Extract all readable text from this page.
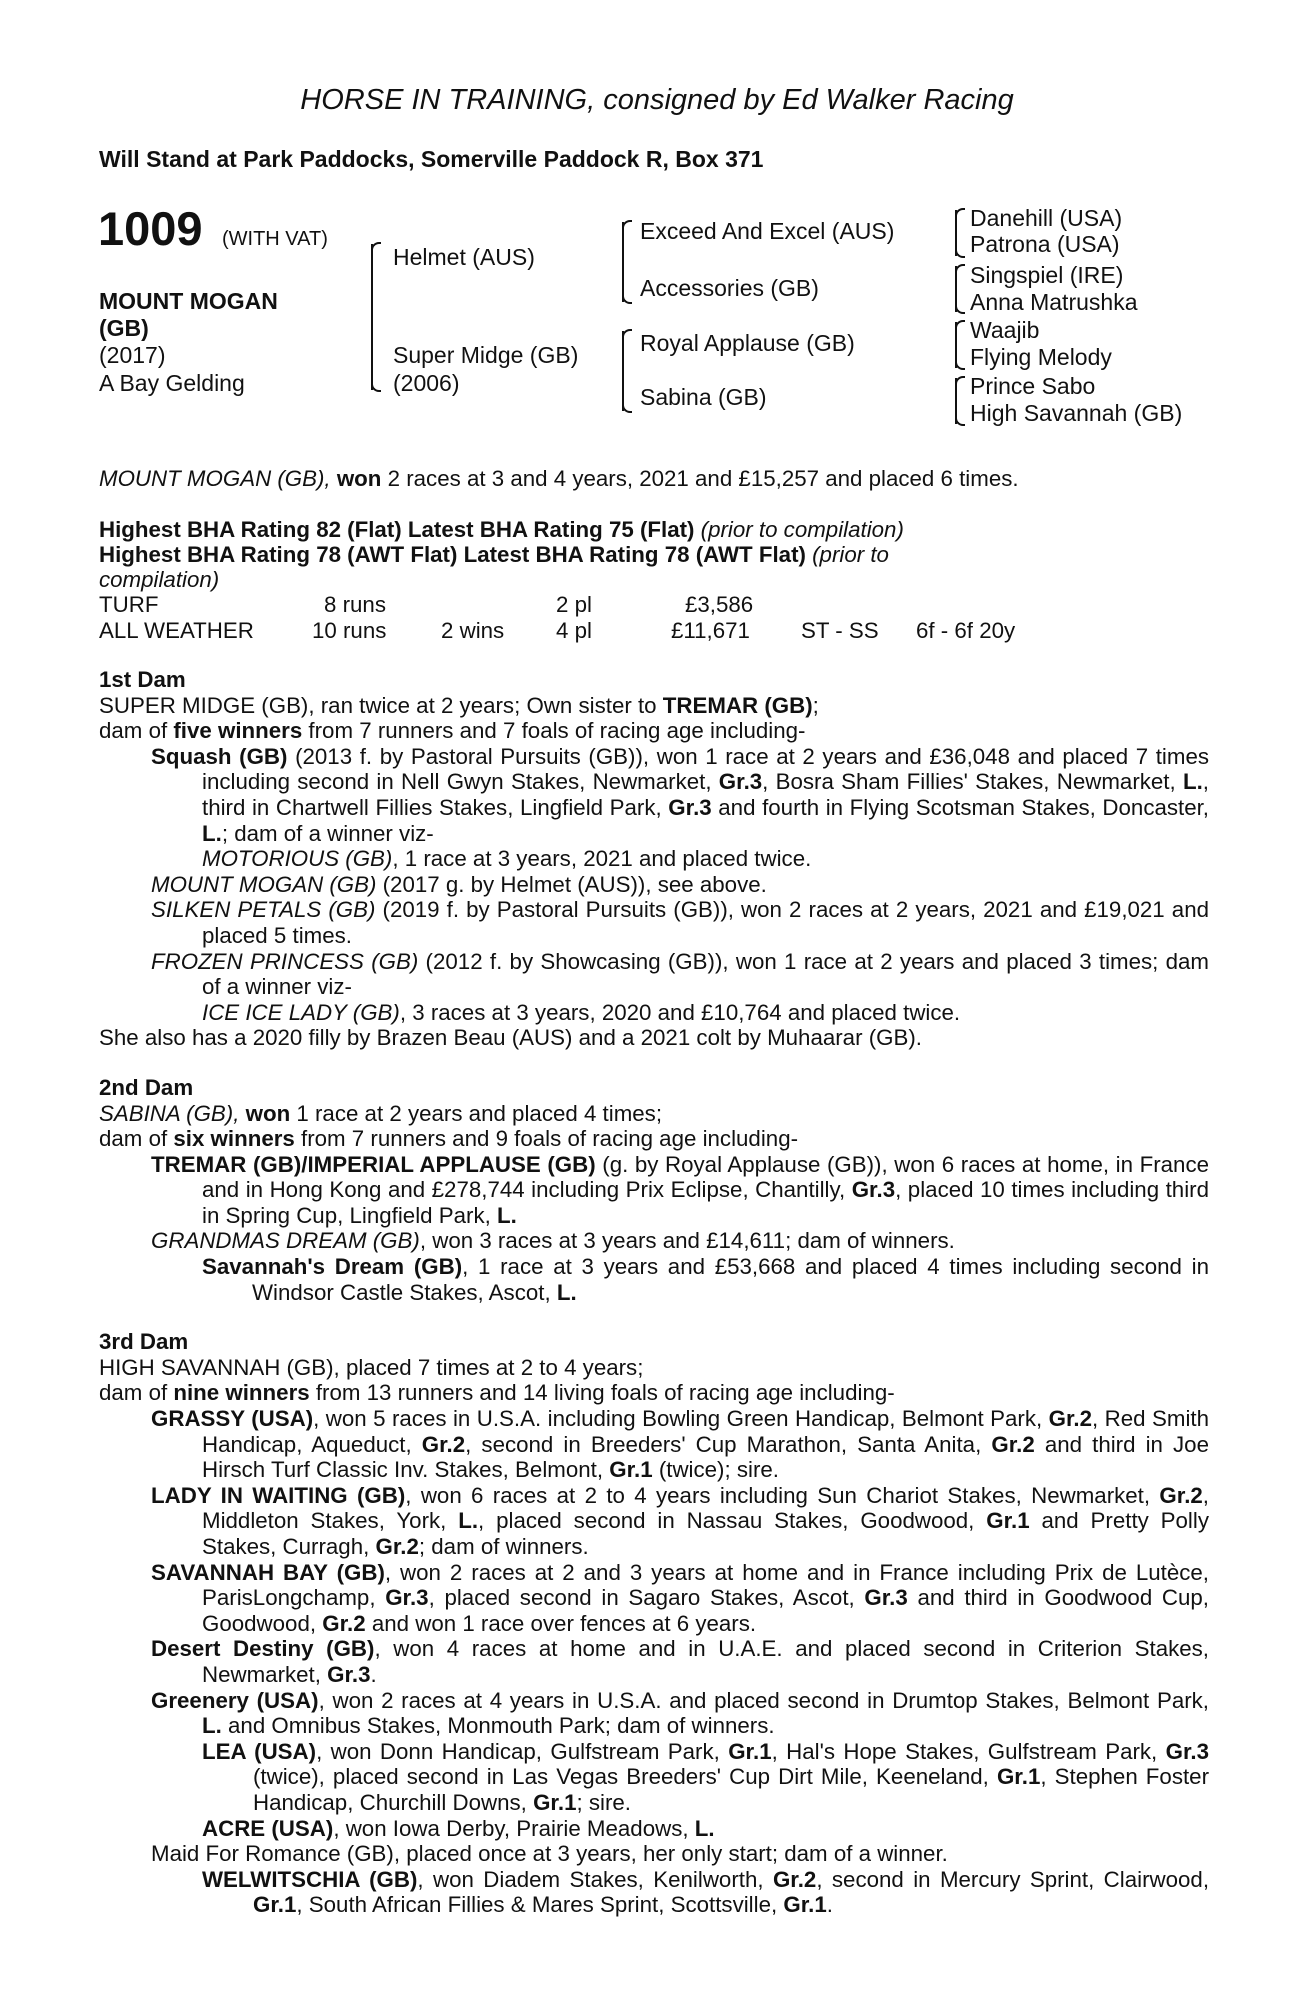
HORSE IN TRAINING, consigned by Ed Walker Racing
Will Stand at Park Paddocks, Somerville Paddock R, Box 371
1009 (WITH VAT)
MOUNT MOGAN
(GB)
(2017)
A Bay Gelding
Helmet (AUS)
Super Midge (GB)
(2006)
Exceed And Excel (AUS)
Accessories (GB)
Royal Applause (GB)
Sabina (GB)
Danehill (USA)
Patrona (USA)
Singspiel (IRE)
Anna Matrushka
Waajib
Flying Melody
Prince Sabo
High Savannah (GB)
MOUNT MOGAN (GB), won 2 races at 3 and 4 years, 2021 and £15,257 and placed 6 times.
Highest BHA Rating 82 (Flat) Latest BHA Rating 75 (Flat) (prior to compilation)
Highest BHA Rating 78 (AWT Flat) Latest BHA Rating 78 (AWT Flat) (prior to
compilation)
TURF	8 runs	2 pl	£3,586
ALL WEATHER	10 runs 2 wins 4 pl	£11,671 ST - SS 6f - 6f 20y
1st Dam
SUPER MIDGE (GB), ran twice at 2 years; Own sister to TREMAR (GB);
dam of five winners from 7 runners and 7 foals of racing age including-
Squash (GB) (2013 f. by Pastoral Pursuits (GB)), won 1 race at 2 years and £36,048 and placed 7 times including second in Nell Gwyn Stakes, Newmarket, Gr.3, Bosra Sham Fillies' Stakes, Newmarket, L., third in Chartwell Fillies Stakes, Lingfield Park, Gr.3 and fourth in Flying Scotsman Stakes, Doncaster, L.; dam of a winner viz-
MOTORIOUS (GB), 1 race at 3 years, 2021 and placed twice.
MOUNT MOGAN (GB) (2017 g. by Helmet (AUS)), see above.
SILKEN PETALS (GB) (2019 f. by Pastoral Pursuits (GB)), won 2 races at 2 years, 2021 and £19,021 and placed 5 times.
FROZEN PRINCESS (GB) (2012 f. by Showcasing (GB)), won 1 race at 2 years and placed 3 times; dam of a winner viz-
ICE ICE LADY (GB), 3 races at 3 years, 2020 and £10,764 and placed twice.
She also has a 2020 filly by Brazen Beau (AUS) and a 2021 colt by Muhaarar (GB).
2nd Dam
SABINA (GB), won 1 race at 2 years and placed 4 times;
dam of six winners from 7 runners and 9 foals of racing age including-
TREMAR (GB)/IMPERIAL APPLAUSE (GB) (g. by Royal Applause (GB)), won 6 races at home, in France and in Hong Kong and £278,744 including Prix Eclipse, Chantilly, Gr.3, placed 10 times including third in Spring Cup, Lingfield Park, L.
GRANDMAS DREAM (GB), won 3 races at 3 years and £14,611; dam of winners.
Savannah's Dream (GB), 1 race at 3 years and £53,668 and placed 4 times including second in Windsor Castle Stakes, Ascot, L.
3rd Dam
HIGH SAVANNAH (GB), placed 7 times at 2 to 4 years;
dam of nine winners from 13 runners and 14 living foals of racing age including-
GRASSY (USA), won 5 races in U.S.A. including Bowling Green Handicap, Belmont Park, Gr.2, Red Smith Handicap, Aqueduct, Gr.2, second in Breeders' Cup Marathon, Santa Anita, Gr.2 and third in Joe Hirsch Turf Classic Inv. Stakes, Belmont, Gr.1 (twice); sire.
LADY IN WAITING (GB), won 6 races at 2 to 4 years including Sun Chariot Stakes, Newmarket, Gr.2, Middleton Stakes, York, L., placed second in Nassau Stakes, Goodwood, Gr.1 and Pretty Polly Stakes, Curragh, Gr.2; dam of winners.
SAVANNAH BAY (GB), won 2 races at 2 and 3 years at home and in France including Prix de Lutèce, ParisLongchamp, Gr.3, placed second in Sagaro Stakes, Ascot, Gr.3 and third in Goodwood Cup, Goodwood, Gr.2 and won 1 race over fences at 6 years.
Desert Destiny (GB), won 4 races at home and in U.A.E. and placed second in Criterion Stakes, Newmarket, Gr.3.
Greenery (USA), won 2 races at 4 years in U.S.A. and placed second in Drumtop Stakes, Belmont Park, L. and Omnibus Stakes, Monmouth Park; dam of winners.
LEA (USA), won Donn Handicap, Gulfstream Park, Gr.1, Hal's Hope Stakes, Gulfstream Park, Gr.3 (twice), placed second in Las Vegas Breeders' Cup Dirt Mile, Keeneland, Gr.1, Stephen Foster Handicap, Churchill Downs, Gr.1; sire.
ACRE (USA), won Iowa Derby, Prairie Meadows, L.
Maid For Romance (GB), placed once at 3 years, her only start; dam of a winner.
WELWITSCHIA (GB), won Diadem Stakes, Kenilworth, Gr.2, second in Mercury Sprint, Clairwood, Gr.1, South African Fillies & Mares Sprint, Scottsville, Gr.1.
